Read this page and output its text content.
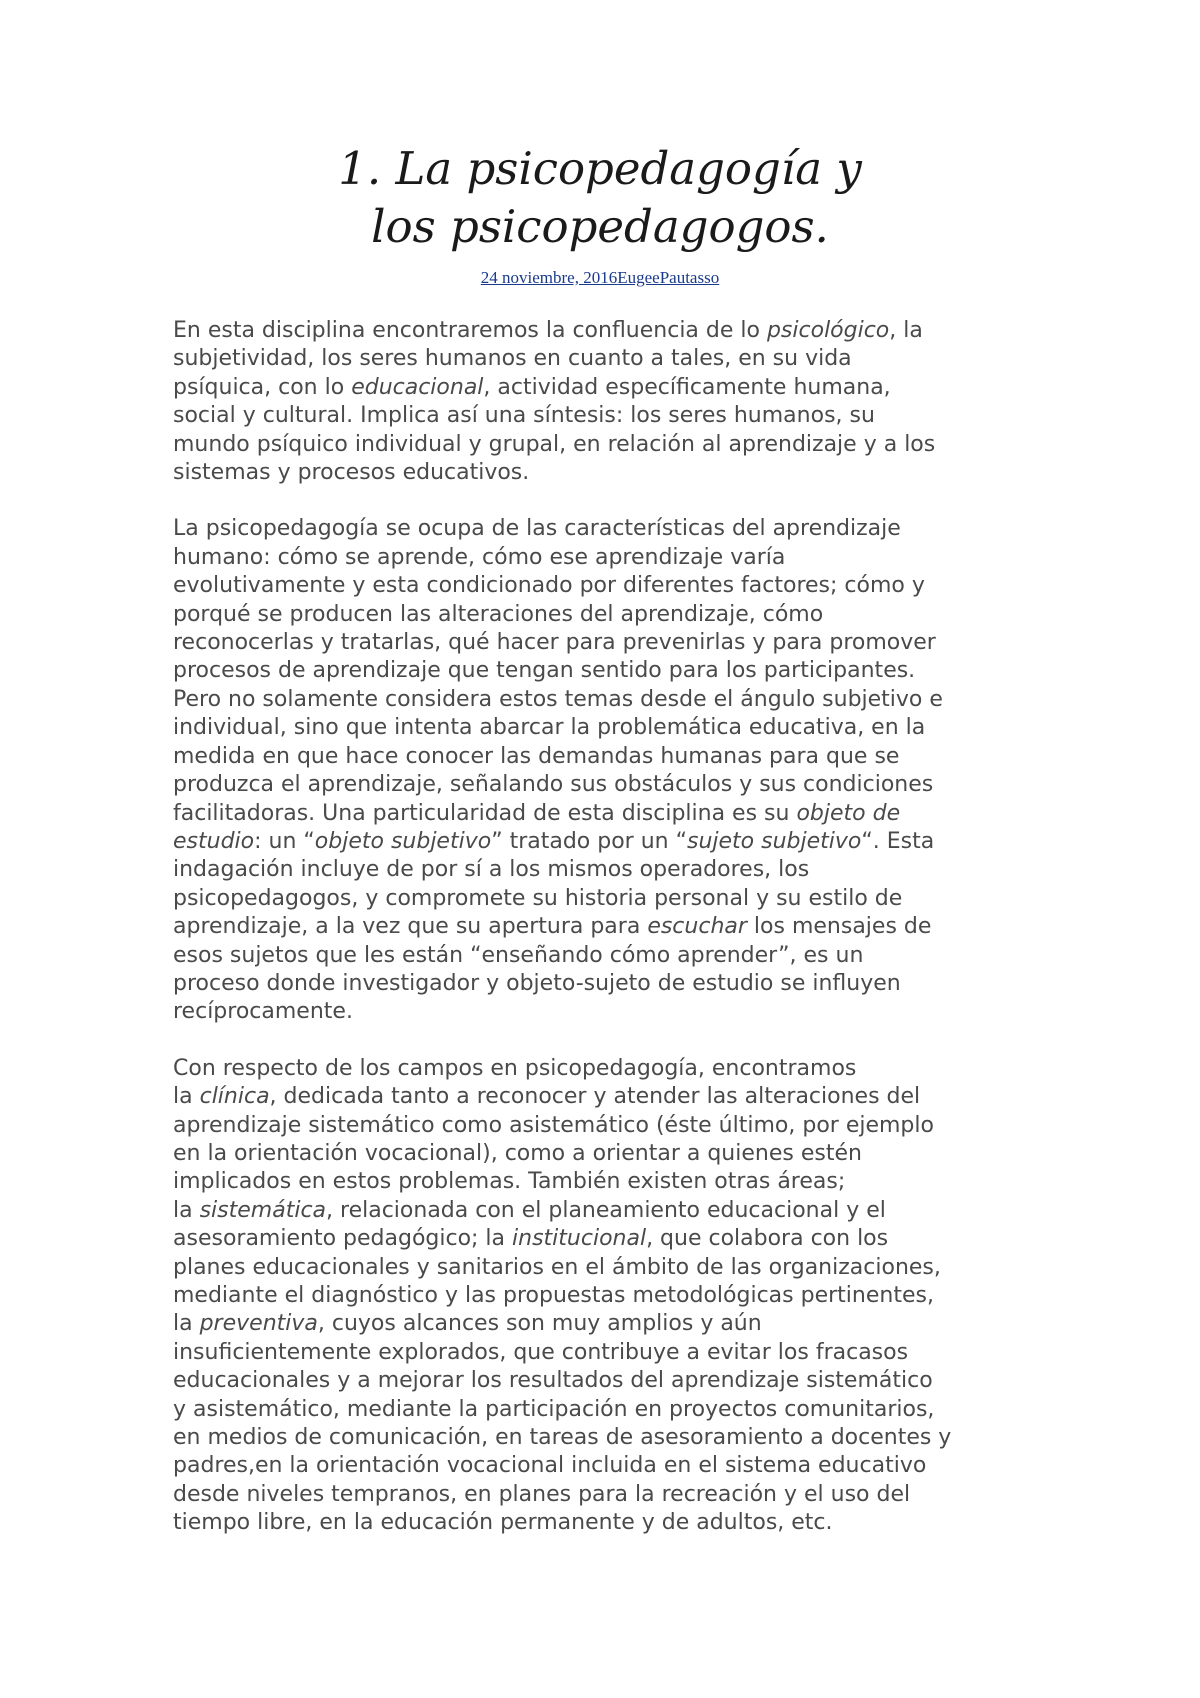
1. La psicopedagogía y
los psicopedagogos.
24 noviembre, 2016EugeePautasso

En esta disciplina encontraremos la confluencia de lo psicológico, la
subjetividad, los seres humanos en cuanto a tales, en su vida
psíquica, con lo educacional, actividad específicamente humana,
social y cultural. Implica así una síntesis: los seres humanos, su
mundo psíquico individual y grupal, en relación al aprendizaje y a los
sistemas y procesos educativos.

La psicopedagogía se ocupa de las características del aprendizaje
humano: cómo se aprende, cómo ese aprendizaje varía
evolutivamente y esta condicionado por diferentes factores; cómo y
porqué se producen las alteraciones del aprendizaje, cómo
reconocerlas y tratarlas, qué hacer para prevenirlas y para promover
procesos de aprendizaje que tengan sentido para los participantes.
Pero no solamente considera estos temas desde el ángulo subjetivo e
individual, sino que intenta abarcar la problemática educativa, en la
medida en que hace conocer las demandas humanas para que se
produzca el aprendizaje, señalando sus obstáculos y sus condiciones
facilitadoras. Una particularidad de esta disciplina es su objeto de
estudio: un “objeto subjetivo” tratado por un “sujeto subjetivo“. Esta
indagación incluye de por sí a los mismos operadores, los
psicopedagogos, y compromete su historia personal y su estilo de
aprendizaje, a la vez que su apertura para escuchar los mensajes de
esos sujetos que les están “enseñando cómo aprender”, es un
proceso donde investigador y objeto-sujeto de estudio se influyen
recíprocamente.

Con respecto de los campos en psicopedagogía, encontramos
la clínica, dedicada tanto a reconocer y atender las alteraciones del
aprendizaje sistemático como asistemático (éste último, por ejemplo
en la orientación vocacional), como a orientar a quienes estén
implicados en estos problemas. También existen otras áreas;
la sistemática, relacionada con el planeamiento educacional y el
asesoramiento pedagógico; la institucional, que colabora con los
planes educacionales y sanitarios en el ámbito de las organizaciones,
mediante el diagnóstico y las propuestas metodológicas pertinentes,
la preventiva, cuyos alcances son muy amplios y aún
insuficientemente explorados, que contribuye a evitar los fracasos
educacionales y a mejorar los resultados del aprendizaje sistemático
y asistemático, mediante la participación en proyectos comunitarios,
en medios de comunicación, en tareas de asesoramiento a docentes y
padres,en la orientación vocacional incluida en el sistema educativo
desde niveles tempranos, en planes para la recreación y el uso del
tiempo libre, en la educación permanente y de adultos, etc.
